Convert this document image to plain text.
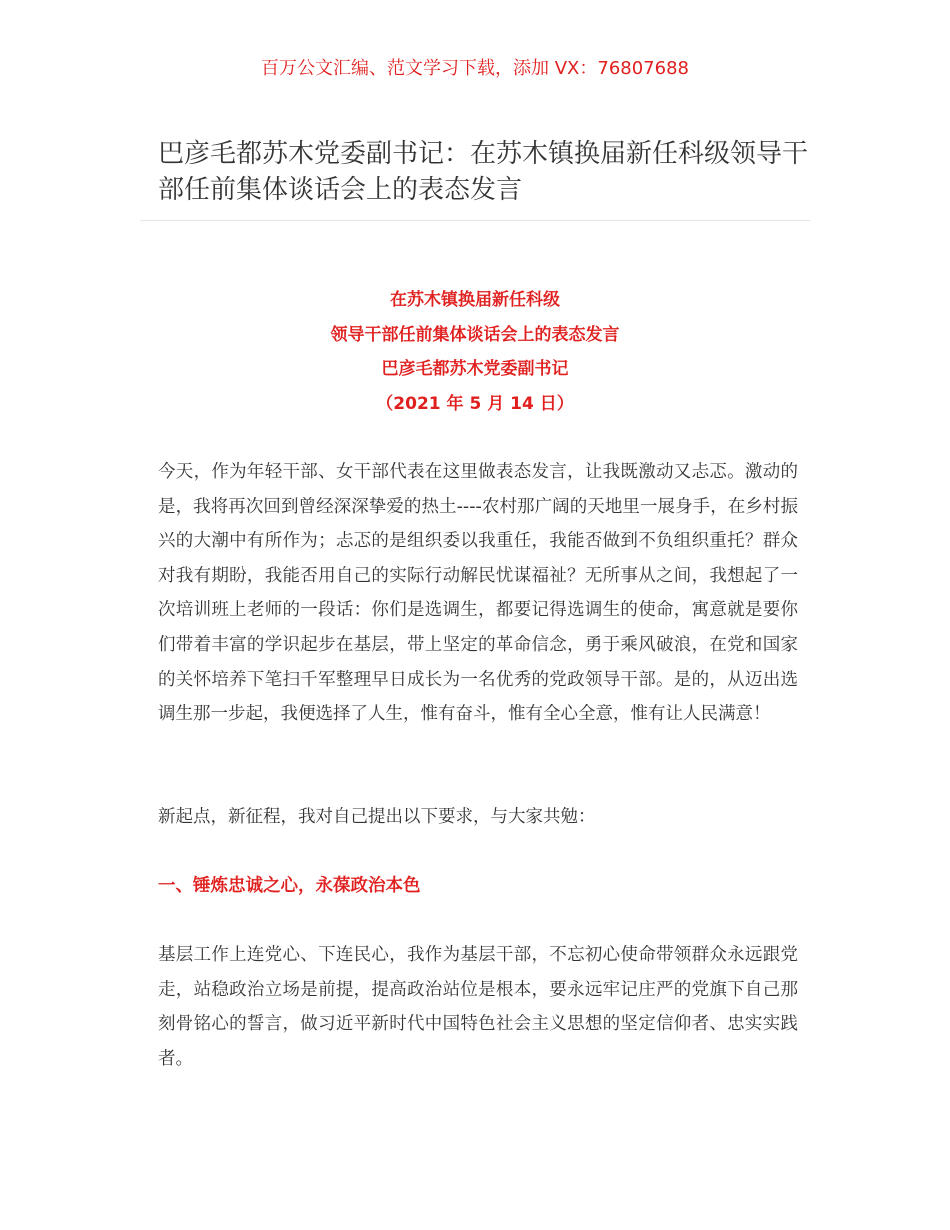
百万公文汇编、范文学习下载，添加 VX：76807688
巴彦毛都苏木党委副书记：在苏木镇换届新任科级领导干部任前集体谈话会上的表态发言
在苏木镇换届新任科级
领导干部任前集体谈话会上的表态发言
巴彦毛都苏木党委副书记
（2021 年 5 月 14 日）

今天，作为年轻干部、女干部代表在这里做表态发言，让我既激动又忐忑。激动的是，我将再次回到曾经深深挚爱的热土----农村那广阔的天地里一展身手，在乡村振兴的大潮中有所作为；忐忑的是组织委以我重任，我能否做到不负组织重托？群众对我有期盼，我能否用自己的实际行动解民忧谋福祉？无所事从之间，我想起了一次培训班上老师的一段话：你们是选调生，都要记得选调生的使命，寓意就是要你们带着丰富的学识起步在基层，带上坚定的革命信念，勇于乘风破浪，在党和国家的关怀培养下笔扫千军整理早日成长为一名优秀的党政领导干部。是的，从迈出选调生那一步起，我便选择了人生，惟有奋斗，惟有全心全意，惟有让人民满意！

新起点，新征程，我对自己提出以下要求，与大家共勉：

一、锤炼忠诚之心，永葆政治本色

基层工作上连党心、下连民心，我作为基层干部，不忘初心使命带领群众永远跟党走，站稳政治立场是前提，提高政治站位是根本，要永远牢记庄严的党旗下自己那刻骨铭心的誓言，做习近平新时代中国特色社会主义思想的坚定信仰者、忠实实践者。
